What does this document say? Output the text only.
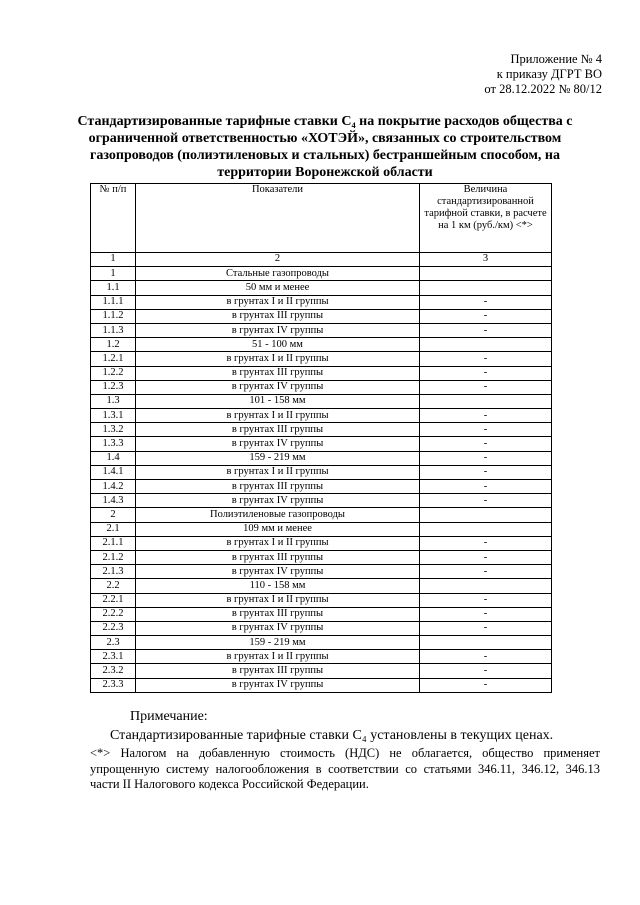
Приложение № 4
к приказу ДГРТ ВО
от 28.12.2022 № 80/12
Стандартизированные тарифные ставки С₄ на покрытие расходов общества с ограниченной ответственностью «ХОТЭЙ», связанных со строительством газопроводов (полиэтиленовых и стальных) бестраншейным способом, на территории Воронежской области
№ п/п	Показатели	Величина стандартизированной тарифной ставки, в расчете на 1 км (руб./км) <*>
1	2	3
1	Стальные газопроводы	
1.1	50 мм и менее	
1.1.1	в грунтах I и II группы	-
1.1.2	в грунтах III группы	-
1.1.3	в грунтах IV группы	-
1.2	51 - 100 мм	
1.2.1	в грунтах I и II группы	-
1.2.2	в грунтах III группы	-
1.2.3	в грунтах IV группы	-
1.3	101 - 158 мм	
1.3.1	в грунтах I и II группы	-
1.3.2	в грунтах III группы	-
1.3.3	в грунтах IV группы	-
1.4	159 - 219 мм	-
1.4.1	в грунтах I и II группы	-
1.4.2	в грунтах III группы	-
1.4.3	в грунтах IV группы	-
2	Полиэтиленовые газопроводы	
2.1	109 мм и менее	
2.1.1	в грунтах I и II группы	-
2.1.2	в грунтах III группы	-
2.1.3	в грунтах IV группы	-
2.2	110 - 158 мм	
2.2.1	в грунтах I и II группы	-
2.2.2	в грунтах III группы	-
2.2.3	в грунтах IV группы	-
2.3	159 - 219 мм	
2.3.1	в грунтах I и II группы	-
2.3.2	в грунтах III группы	-
2.3.3	в грунтах IV группы	-
Примечание:
Стандартизированные тарифные ставки С₄ установлены в текущих ценах.
<*> Налогом на добавленную стоимость (НДС) не облагается, общество применяет упрощенную систему налогообложения в соответствии со статьями 346.11, 346.12, 346.13 части II Налогового кодекса Российской Федерации.
